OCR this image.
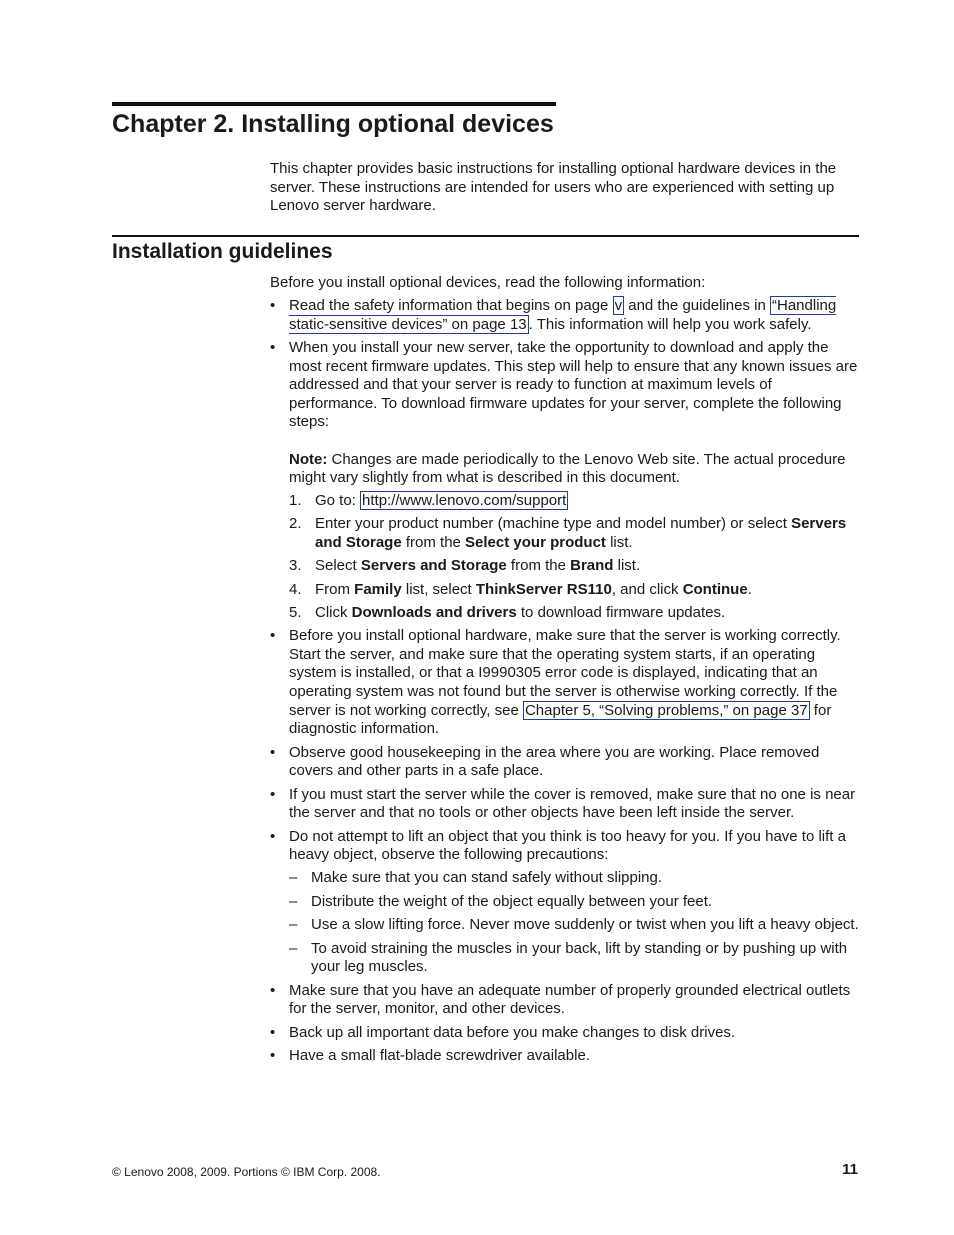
Chapter 2. Installing optional devices

This chapter provides basic instructions for installing optional hardware devices in the server. These instructions are intended for users who are experienced with setting up Lenovo server hardware.

Installation guidelines

Before you install optional devices, read the following information:

• Read the safety information that begins on page v and the guidelines in “Handling static-sensitive devices” on page 13 . This information will help you work safely.
• When you install your new server, take the opportunity to download and apply the most recent firmware updates. This step will help to ensure that any known issues are addressed and that your server is ready to function at maximum levels of performance. To download firmware updates for your server, complete the following steps:

Note: Changes are made periodically to the Lenovo Web site. The actual procedure might vary slightly from what is described in this document.

1. Go to: http://www.lenovo.com/support
2. Enter your product number (machine type and model number) or select Servers and Storage from the Select your product list.
3. Select Servers and Storage from the Brand list.
4. From Family list, select ThinkServer RS110, and click Continue.
5. Click Downloads and drivers to download firmware updates.
• Before you install optional hardware, make sure that the server is working correctly. Start the server, and make sure that the operating system starts, if an operating system is installed, or that a I9990305 error code is displayed, indicating that an operating system was not found but the server is otherwise working correctly. If the server is not working correctly, see Chapter 5, “Solving problems,” on page 37 for diagnostic information.
• Observe good housekeeping in the area where you are working. Place removed covers and other parts in a safe place.
• If you must start the server while the cover is removed, make sure that no one is near the server and that no tools or other objects have been left inside the server.
• Do not attempt to lift an object that you think is too heavy for you. If you have to lift a heavy object, observe the following precautions:
– Make sure that you can stand safely without slipping.
– Distribute the weight of the object equally between your feet.
– Use a slow lifting force. Never move suddenly or twist when you lift a heavy object.
– To avoid straining the muscles in your back, lift by standing or by pushing up with your leg muscles.
• Make sure that you have an adequate number of properly grounded electrical outlets for the server, monitor, and other devices.
• Back up all important data before you make changes to disk drives.
• Have a small flat-blade screwdriver available.
© Lenovo 2008, 2009. Portions © IBM Corp. 2008.	11
